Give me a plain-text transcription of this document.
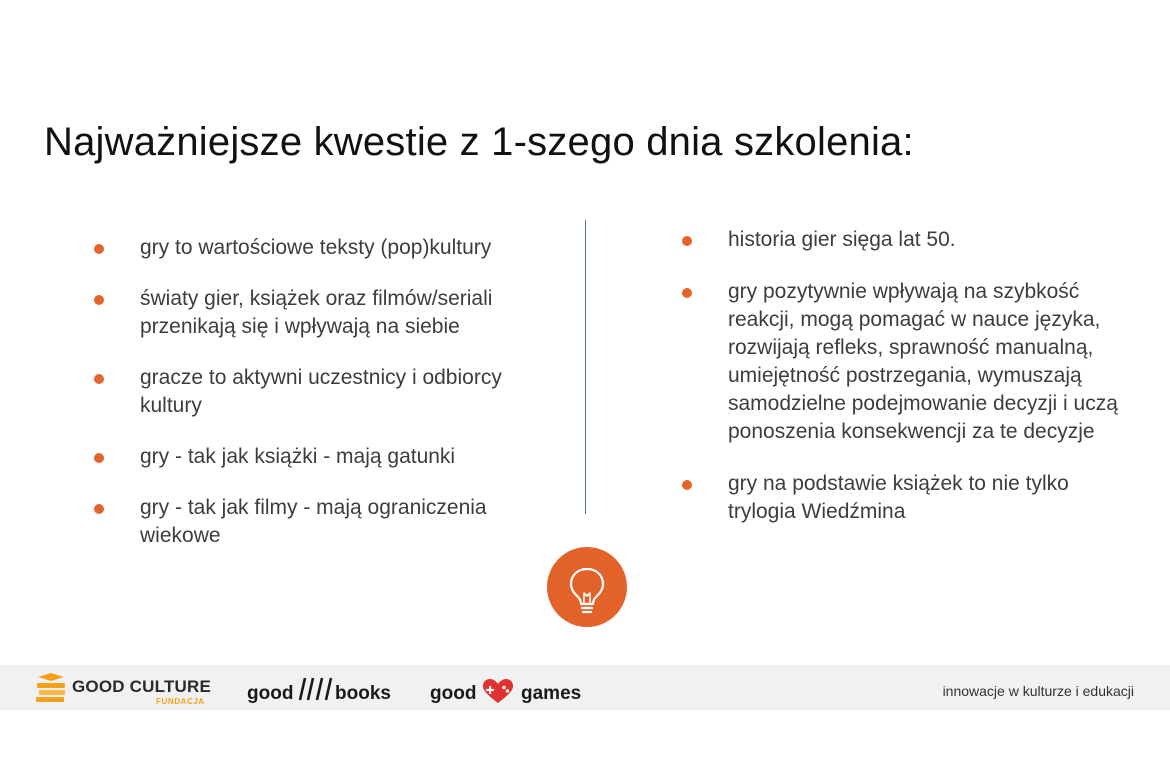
Najważniejsze kwestie z 1-szego dnia szkolenia:
gry to wartościowe teksty (pop)kultury
światy gier, książek oraz filmów/seriali przenikają się i wpływają na siebie
gracze to aktywni uczestnicy i odbiorcy kultury
gry - tak jak książki - mają gatunki
gry - tak jak filmy - mają ograniczenia wiekowe
historia gier sięga lat 50.
gry pozytywnie wpływają na szybkość reakcji, mogą pomagać w nauce języka, rozwijają refleks, sprawność manualną, umiejętność postrzegania, wymuszają samodzielne podejmowanie decyzji i uczą ponoszenia konsekwencji za te decyzje
gry na podstawie książek to nie tylko trylogia Wiedźmina
GOOD CULTURE
FUNDACJA good books good games	innowacje w kulturze i edukacji
